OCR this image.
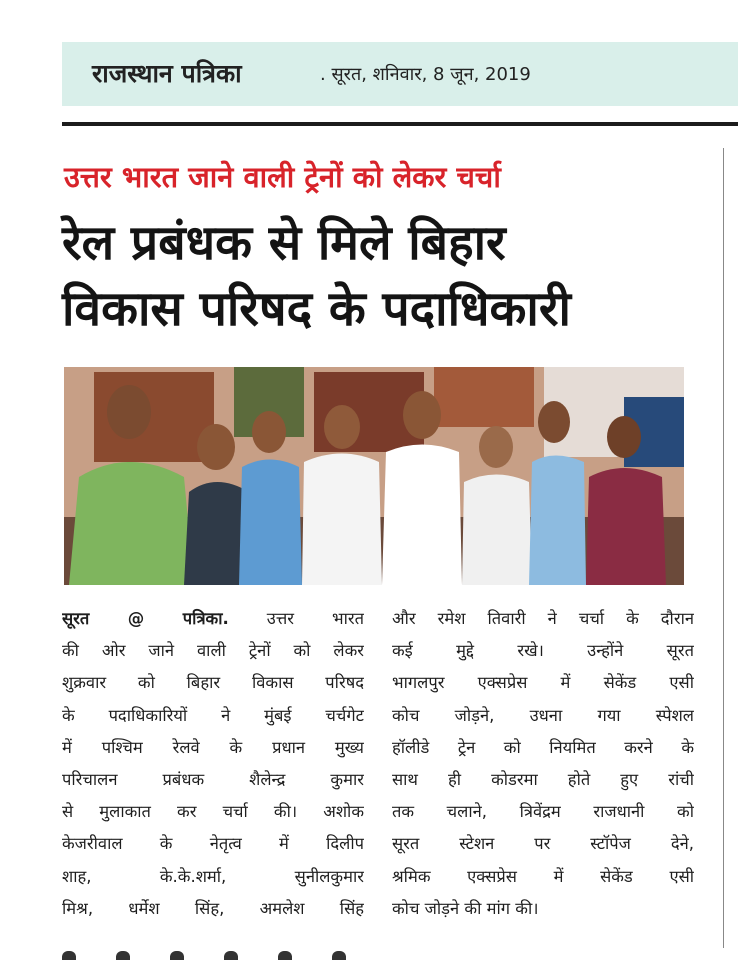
राजस्थान पत्रिका	. सूरत, शनिवार, 8 जून, 2019
उत्तर भारत जाने वाली ट्रेनों को लेकर चर्चा
रेल प्रबंधक से मिले बिहार
विकास परिषद के पदाधिकारी
सूरत @ पत्रिका. उत्तर भारत
की ओर जाने वाली ट्रेनों को लेकर
शुक्रवार को बिहार विकास परिषद
के पदाधिकारियों ने मुंबई चर्चगेट
में पश्चिम रेलवे के प्रधान मुख्य
परिचालन प्रबंधक शैलेन्द्र कुमार
से मुलाकात कर चर्चा की। अशोक
केजरीवाल के नेतृत्व में दिलीप
शाह, के.के.शर्मा, सुनीलकुमार
मिश्र, धर्मेश सिंह, अमलेश सिंह
और रमेश तिवारी ने चर्चा के दौरान
कई मुद्दे रखे। उन्होंने सूरत
भागलपुर एक्सप्रेस में सेकेंड एसी
कोच जोड़ने, उधना गया स्पेशल
हॉलीडे ट्रेन को नियमित करने के
साथ ही कोडरमा होते हुए रांची
तक चलाने, त्रिवेंद्रम राजधानी को
सूरत स्टेशन पर स्टॉपेज देने,
श्रमिक एक्सप्रेस में सेकेंड एसी
कोच जोड़ने की मांग की।
